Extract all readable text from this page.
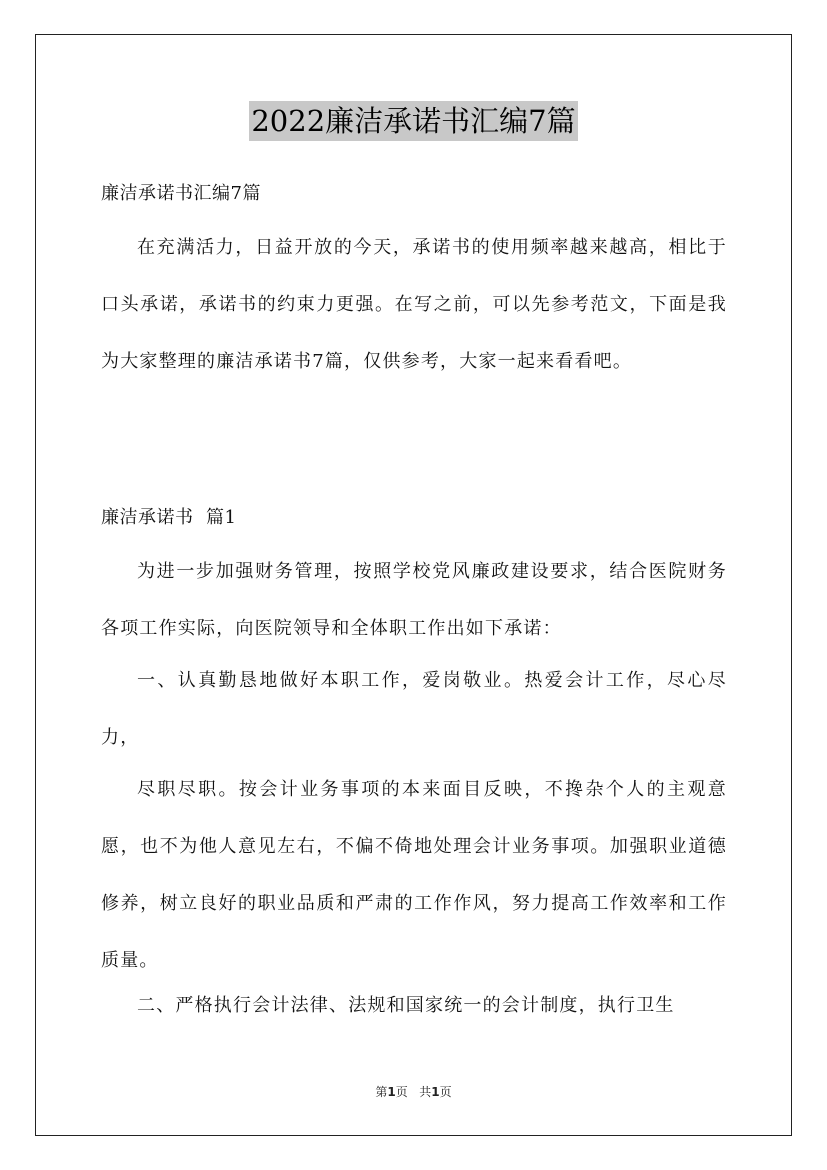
2022廉洁承诺书汇编7篇
廉洁承诺书汇编7篇

在充满活力，日益开放的今天，承诺书的使用频率越来越高，相比于口头承诺，承诺书的约束力更强。在写之前，可以先参考范文，下面是我为大家整理的廉洁承诺书7篇，仅供参考，大家一起来看看吧。

廉洁承诺书  篇1

为进一步加强财务管理，按照学校党风廉政建设要求，结合医院财务各项工作实际，向医院领导和全体职工作出如下承诺：

一、认真勤恳地做好本职工作，爱岗敬业。热爱会计工作，尽心尽力，

尽职尽职。按会计业务事项的本来面目反映，不搀杂个人的主观意愿，也不为他人意见左右，不偏不倚地处理会计业务事项。加强职业道德修养，树立良好的职业品质和严肃的工作作风，努力提高工作效率和工作质量。

二、严格执行会计法律、法规和国家统一的会计制度，执行卫生

第1页 共1页
